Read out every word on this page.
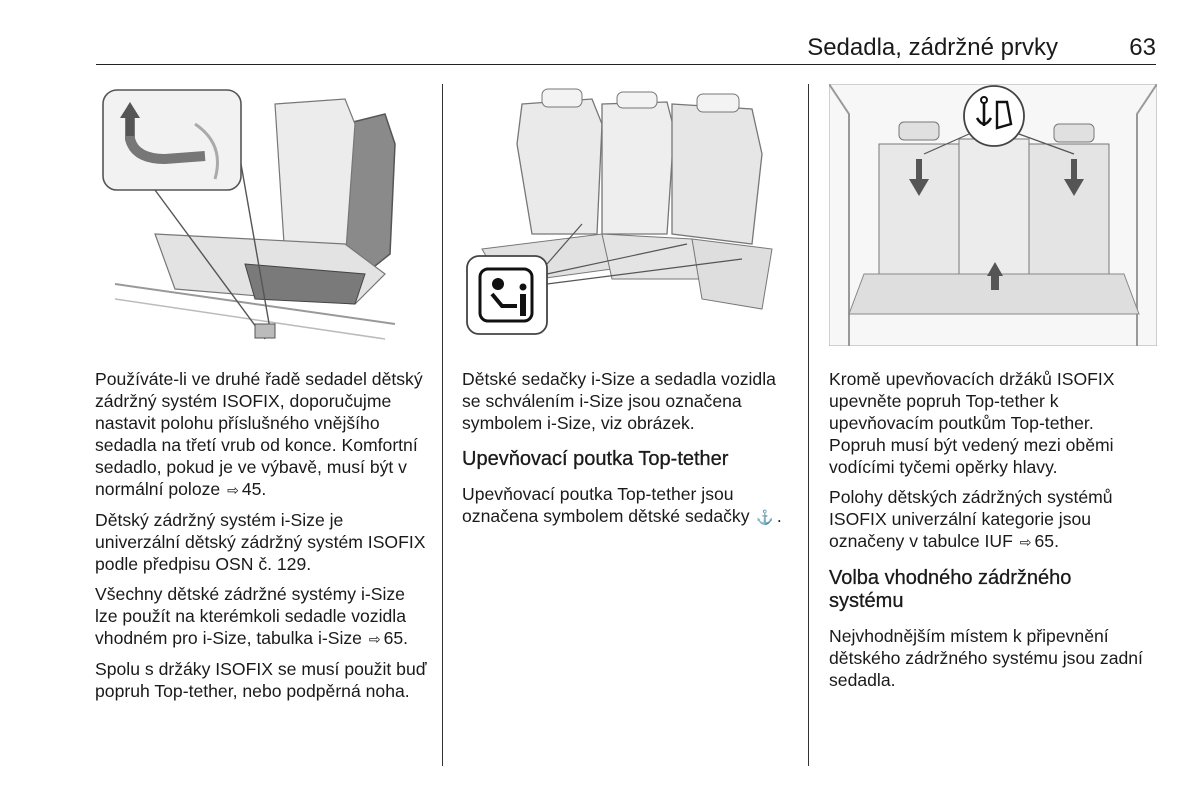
Sedadla, zádržné prvky	63

Používáte-li ve druhé řadě sedadel dětský zádržný systém ISOFIX, doporučujme nastavit polohu příslušného vnějšího sedadla na třetí vrub od konce. Komfortní sedadlo, pokud je ve výbavě, musí být v normální poloze ⇨ 45.

Dětský zádržný systém i-Size je univerzální dětský zádržný systém ISOFIX podle předpisu OSN č. 129.

Všechny dětské zádržné systémy i-Size lze použít na kterémkoli sedadle vozidla vhodném pro i-Size, tabulka i-Size ⇨ 65.

Spolu s držáky ISOFIX se musí použit buď popruh Top-tether, nebo podpěrná noha.

Dětské sedačky i-Size a sedadla vozidla se schválením i-Size jsou označena symbolem i-Size, viz obrázek.

Upevňovací poutka Top-tether

Upevňovací poutka Top-tether jsou označena symbolem dětské sedačky ⚓ .

Kromě upevňovacích držáků ISOFIX upevněte popruh Top-tether k upevňovacím poutkům Top-tether. Popruh musí být vedený mezi oběmi vodícími tyčemi opěrky hlavy.

Polohy dětských zádržných systémů ISOFIX univerzální kategorie jsou označeny v tabulce IUF ⇨ 65.

Volba vhodného zádržného systému

Nejvhodnějším místem k připevnění dětského zádržného systému jsou zadní sedadla.
